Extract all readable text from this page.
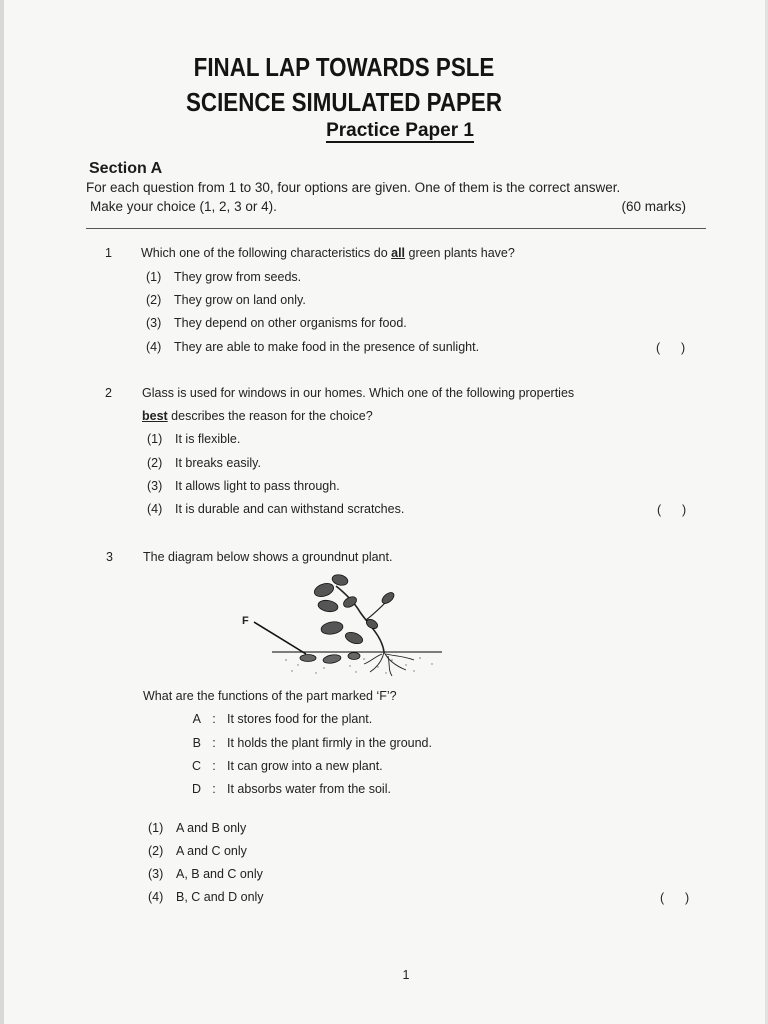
FINAL LAP TOWARDS PSLE
SCIENCE SIMULATED PAPER
Practice Paper 1
Section A
For each question from 1 to 30, four options are given. One of them is the correct answer.
Make your choice (1, 2, 3 or 4).	(60 marks)
1 Which one of the following characteristics do all green plants have?
(1) They grow from seeds.
(2) They grow on land only.
(3) They depend on other organisms for food.
(4) They are able to make food in the presence of sunlight.	(      )
2 Glass is used for windows in our homes. Which one of the following properties
best describes the reason for the choice?
(1) It is flexible.
(2) It breaks easily.
(3) It allows light to pass through.
(4) It is durable and can withstand scratches.	(      )
3 The diagram below shows a groundnut plant.
F
What are the functions of the part marked ‘F’?
A : It stores food for the plant.
B : It holds the plant firmly in the ground.
C : It can grow into a new plant.
D : It absorbs water from the soil.
(1) A and B only
(2) A and C only
(3) A, B and C only
(4) B, C and D only	(      )
1
